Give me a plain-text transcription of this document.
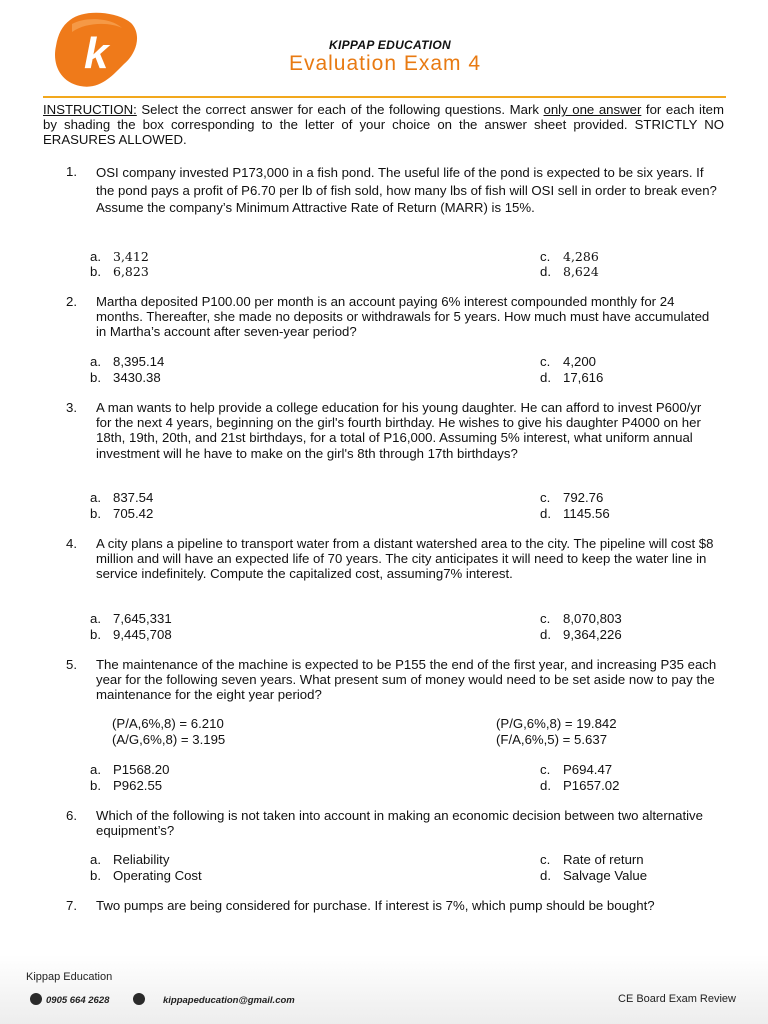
k	KIPPAP EDUCATION
Evaluation Exam 4
INSTRUCTION: Select the correct answer for each of the following questions. Mark only one answer for each item by shading the box corresponding to the letter of your choice on the answer sheet provided. STRICTLY NO ERASURES ALLOWED.
1.	OSI company invested P173,000 in a fish pond. The useful life of the pond is expected to be six years. If the pond pays a profit of P6.70 per lb of fish sold, how many lbs of fish will OSI sell in order to break even? Assume the company’s Minimum Attractive Rate of Return (MARR) is 15%.
a. 3,412
b. 6,823
c. 4,286
d. 8,624
2.	Martha deposited P100.00 per month is an account paying 6% interest compounded monthly for 24 months. Thereafter, she made no deposits or withdrawals for 5 years. How much must have accumulated in Martha’s account after seven-year period?
a. 8,395.14
b. 3430.38
c. 4,200
d. 17,616
3.	A man wants to help provide a college education for his young daughter. He can afford to invest P600/yr for the next 4 years, beginning on the girl's fourth birthday. He wishes to give his daughter P4000 on her 18th, 19th, 20th, and 21st birthdays, for a total of P16,000. Assuming 5% interest, what uniform annual investment will he have to make on the girl's 8th through 17th birthdays?
a. 837.54
b. 705.42
c. 792.76
d. 1145.56
4.	A city plans a pipeline to transport water from a distant watershed area to the city. The pipeline will cost $8 million and will have an expected life of 70 years. The city anticipates it will need to keep the water line in service indefinitely. Compute the capitalized cost, assuming7% interest.
a. 7,645,331
b. 9,445,708
c. 8,070,803
d. 9,364,226
5.	The maintenance of the machine is expected to be P155 the end of the first year, and increasing P35 each year for the following seven years. What present sum of money would need to be set aside now to pay the maintenance for the eight year period?
(P/A,6%,8) = 6.210
(A/G,6%,8) = 3.195
(P/G,6%,8) = 19.842
(F/A,6%,5) = 5.637
a. P1568.20
b. P962.55
c. P694.47
d. P1657.02
6.	Which of the following is not taken into account in making an economic decision between two alternative equipment’s?
a. Reliability
b. Operating Cost
c. Rate of return
d. Salvage Value
7.	Two pumps are being considered for purchase. If interest is 7%, which pump should be bought?
Kippap Education
0905 664 2628	kippapeducation@gmail.com	CE Board Exam Review
